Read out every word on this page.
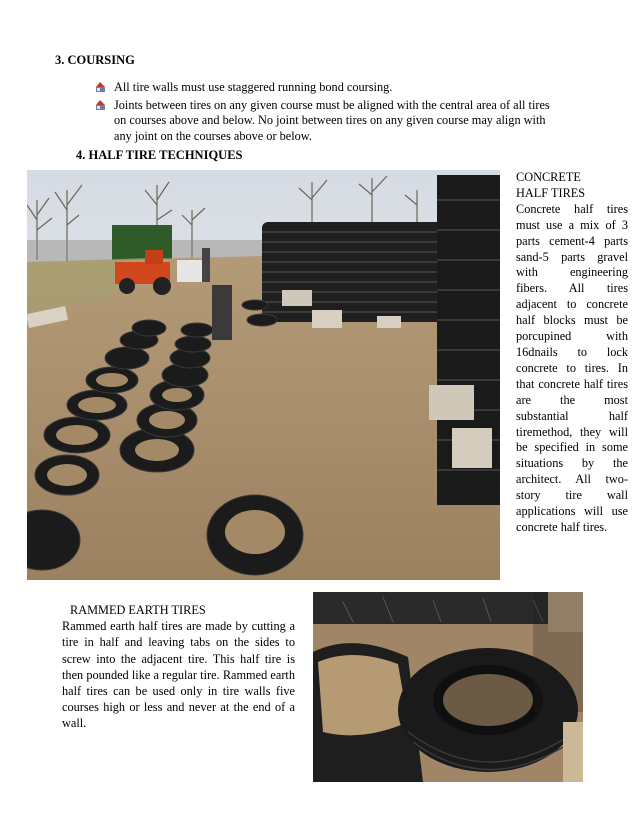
3. COURSING
All tire walls must use staggered running bond coursing.
Joints between tires on any given course must be aligned with the central area of all tires on courses above and below. No joint between tires on any given course may align with any joint on the courses above or below.
4. HALF TIRE TECHNIQUES

CONCRETE

HALF TIRES

Concrete half tires must use a mix of 3 parts cement-4 parts sand-5 parts gravel with engineering fibers. All tires adjacent to concrete half blocks must be porcupined with 16dnails to lock concrete to tires. In that concrete half tires are the most substantial half tiremethod, they will be specified in some situations by the architect. All two-story tire wall applications will use concrete half tires.

RAMMED EARTH TIRES

Rammed earth half tires are made by cutting a tire in half and leaving tabs on the sides to screw into the adjacent tire. This half tire is then pounded like a regular tire. Rammed earth half tires can be used only in tire walls five courses high or less and never at the end of a wall.
